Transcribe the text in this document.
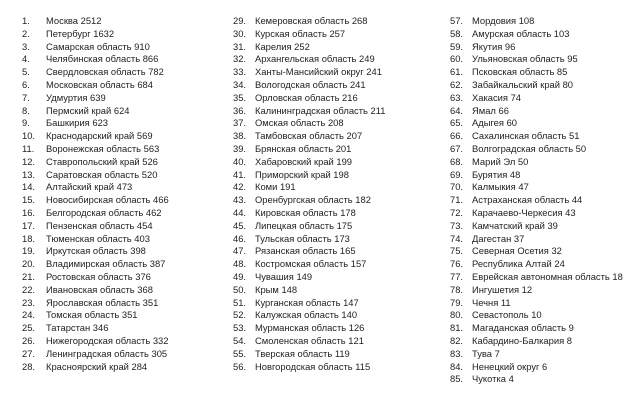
1.	Москва 2512
2.	Петербург 1632
3.	Самарская область 910
4.	Челябинская область 866
5.	Свердловская область 782
6.	Московская область 684
7.	Удмуртия 639
8.	Пермский край 624
9.	Башкирия 623
10.	Краснодарский край 569
11.	Воронежская область 563
12.	Ставропольский край 526
13.	Саратовская область 520
14.	Алтайский край 473
15.	Новосибирская область 466
16.	Белгородская область 462
17.	Пензенская область 454
18.	Тюменская область 403
19.	Иркутская область 398
20.	Владимирская область 387
21.	Ростовская область 376
22.	Ивановская область 368
23.	Ярославская область 351
24.	Томская область 351
25.	Татарстан 346
26.	Нижегородская область 332
27.	Ленинградская область 305
28.	Красноярский край 284
29. Кемеровская область 268
30. Курская область 257
31. Карелия 252
32. Архангельская область 249
33. Ханты-Мансийский округ 241
34. Вологодская область 241
35. Орловская область 216
36. Калининградская область 211
37. Омская область 208
38. Тамбовская область 207
39. Брянская область 201
40. Хабаровский край 199
41. Приморский край 198
42. Коми 191
43. Оренбургская область 182
44. Кировская область 178
45. Липецкая область 175
46. Тульская область 173
47. Рязанская область 165
48. Костромская область 157
49. Чувашия 149
50. Крым 148
51. Курганская область 147
52. Калужская область 140
53. Мурманская область 126
54. Смоленская область 121
55. Тверская область 119
56. Новгородская область 115
57. Мордовия 108
58. Амурская область 103
59. Якутия 96
60. Ульяновская область 95
61. Псковская область 85
62. Забайкальский край 80
63. Хакасия 74
64. Ямал 66
65. Адыгея 60
66. Сахалинская область 51
67. Волгоградская область 50
68. Марий Эл 50
69. Бурятия 48
70. Калмыкия 47
71. Астраханская область 44
72. Карачаево-Черкесия 43
73. Камчатский край 39
74. Дагестан 37
75. Северная Осетия 32
76. Республика Алтай 24
77. Еврейская автономная область 18
78. Ингушетия 12
79. Чечня 11
80. Севастополь 10
81. Магаданская область 9
82. Кабардино-Балкария 8
83. Тува 7
84. Ненецкий округ 6
85. Чукотка 4
